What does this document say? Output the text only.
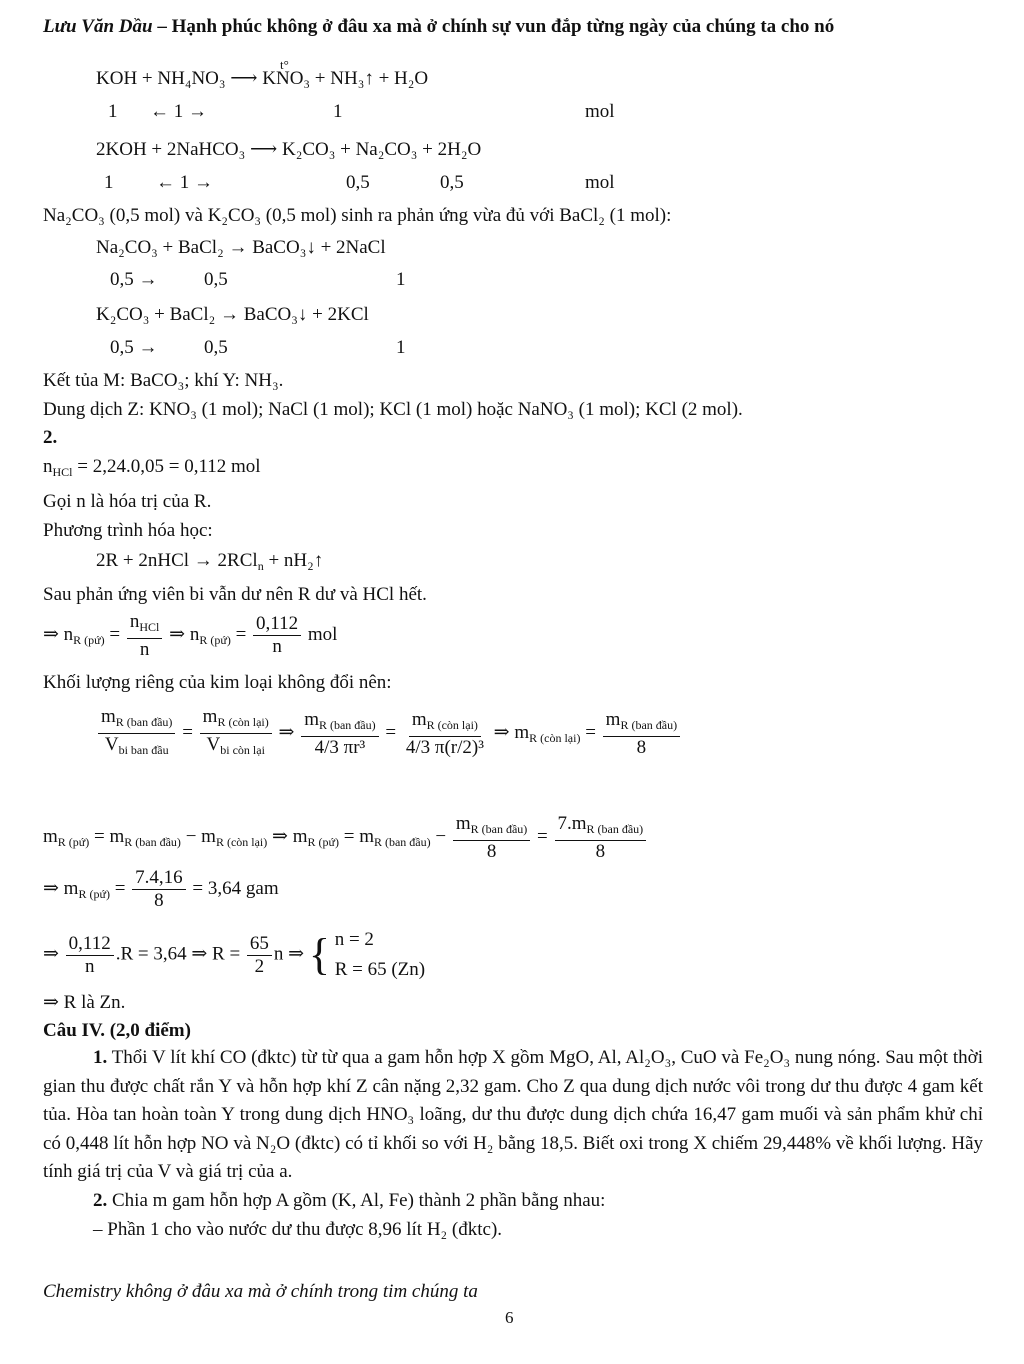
Lưu Văn Dầu – Hạnh phúc không ở đâu xa mà ở chính sự vun đắp từng ngày của chúng ta cho nó
KOH + NH₄NO₃ ⟶ KNO₃ + NH₃↑ + H₂O
t°
1 ← 1 →	1	mol
2KOH + 2NaHCO₃ ⟶ K₂CO₃ + Na₂CO₃ + 2H₂O
1 ← 1 →	0,5	0,5	mol
Na₂CO₃ (0,5 mol) và K₂CO₃ (0,5 mol) sinh ra phản ứng vừa đủ với BaCl₂ (1 mol):
Na₂CO₃ + BaCl₂ → BaCO₃↓ + 2NaCl
0,5 → 0,5	1
K₂CO₃ + BaCl₂ → BaCO₃↓ + 2KCl
0,5 → 0,5	1
Kết tủa M: BaCO₃; khí Y: NH₃.
Dung dịch Z: KNO₃ (1 mol); NaCl (1 mol); KCl (1 mol) hoặc NaNO₃ (1 mol); KCl (2 mol).
2.
$n_{HCl} = 2,24.0,05 = 0,112$ mol
Gọi n là hóa trị của R.
Phương trình hóa học:
2R + 2nHCl → 2RCl$_n$ + nH₂↑
Sau phản ứng viên bi vẫn dư nên R dư và HCl hết.
⇒ $n_{R (pứ)} = \frac{n_{HCl}}{n}$ ⇒ $n_{R (pứ)} = \frac{0,112}{n}$ mol
Khối lượng riêng của kim loại không đổi nên:
$\frac{m_{R (ban đầu)}}{V_{bi ban đầu}} = \frac{m_{R (còn lại)}}{V_{bi còn lại}}$ ⇒ $\frac{m_{R (ban đầu)}}{\text{4/3 πr³}} = \frac{m_{R (còn lại)}}{\text{4/3 π(r/2)³}}$ ⇒ $m_{R (còn lại)} = \frac{m_{R (ban đầu)}}{8}$
$m_{R (pứ)} = m_{R (ban đầu)} - m_{R (còn lại)}$ ⇒ $m_{R (pứ)} = m_{R (ban đầu)} - \frac{m_{R (ban đầu)}}{8} = \frac{7.m_{R (ban đầu)}}{8}$
⇒ $m_{R (pứ)} = \frac{7.4,16}{8} = 3,64$ gam
⇒ $\frac{0,112}{n} .R = 3,64$ ⇒ $R = \frac{65}{2}$ n ⇒ { n = 2
R = 65 (Zn)
⇒ R là Zn.
Câu IV. (2,0 điểm)
1. Thổi V lít khí CO (đktc) từ từ qua a gam hỗn hợp X gồm MgO, Al, Al₂O₃, CuO và Fe₂O₃ nung nóng. Sau một thời gian thu được chất rắn Y và hỗn hợp khí Z cân nặng 2,32 gam. Cho Z qua dung dịch nước vôi trong dư thu được 4 gam kết tủa. Hòa tan hoàn toàn Y trong dung dịch HNO₃ loãng, dư thu được dung dịch chứa 16,47 gam muối và sản phẩm khử chỉ có 0,448 lít hỗn hợp NO và N₂O (đktc) có tỉ khối so với H₂ bằng 18,5. Biết oxi trong X chiếm 29,448% về khối lượng. Hãy tính giá trị của V và giá trị của a.
2. Chia m gam hỗn hợp A gồm (K, Al, Fe) thành 2 phần bằng nhau:
– Phần 1 cho vào nước dư thu được 8,96 lít H₂ (đktc).
Chemistry không ở đâu xa mà ở chính trong tim chúng ta
6
